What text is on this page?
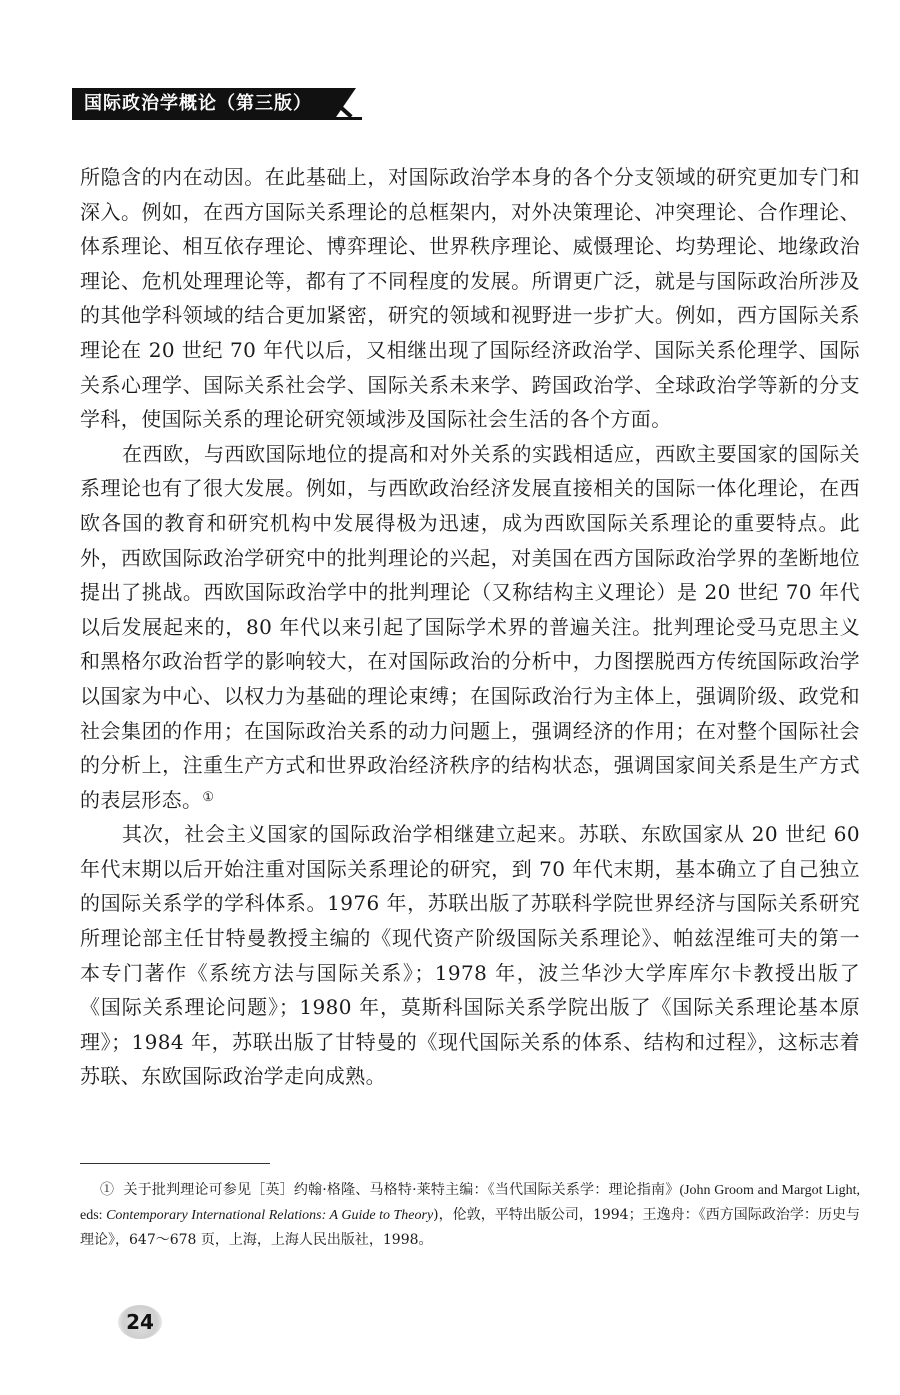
国际政治学概论（第三版）

所隐含的内在动因。在此基础上，对国际政治学本身的各个分支领域的研究更加专门和深入。例如，在西方国际关系理论的总框架内，对外决策理论、冲突理论、合作理论、体系理论、相互依存理论、博弈理论、世界秩序理论、威慑理论、均势理论、地缘政治理论、危机处理理论等，都有了不同程度的发展。所谓更广泛，就是与国际政治所涉及的其他学科领域的结合更加紧密，研究的领域和视野进一步扩大。例如，西方国际关系理论在 20 世纪 70 年代以后，又相继出现了国际经济政治学、国际关系伦理学、国际关系心理学、国际关系社会学、国际关系未来学、跨国政治学、全球政治学等新的分支学科，使国际关系的理论研究领域涉及国际社会生活的各个方面。

在西欧，与西欧国际地位的提高和对外关系的实践相适应，西欧主要国家的国际关系理论也有了很大发展。例如，与西欧政治经济发展直接相关的国际一体化理论，在西欧各国的教育和研究机构中发展得极为迅速，成为西欧国际关系理论的重要特点。此外，西欧国际政治学研究中的批判理论的兴起，对美国在西方国际政治学界的垄断地位提出了挑战。西欧国际政治学中的批判理论（又称结构主义理论）是 20 世纪 70 年代以后发展起来的，80 年代以来引起了国际学术界的普遍关注。批判理论受马克思主义和黑格尔政治哲学的影响较大，在对国际政治的分析中，力图摆脱西方传统国际政治学以国家为中心、以权力为基础的理论束缚；在国际政治行为主体上，强调阶级、政党和社会集团的作用；在国际政治关系的动力问题上，强调经济的作用；在对整个国际社会的分析上，注重生产方式和世界政治经济秩序的结构状态，强调国家间关系是生产方式的表层形态。①

其次，社会主义国家的国际政治学相继建立起来。苏联、东欧国家从 20 世纪 60 年代末期以后开始注重对国际关系理论的研究，到 70 年代末期，基本确立了自己独立的国际关系学的学科体系。1976 年，苏联出版了苏联科学院世界经济与国际关系研究所理论部主任甘特曼教授主编的《现代资产阶级国际关系理论》、帕兹涅维可夫的第一本专门著作《系统方法与国际关系》；1978 年，波兰华沙大学库库尔卡教授出版了《国际关系理论问题》；1980 年，莫斯科国际关系学院出版了《国际关系理论基本原理》；1984 年，苏联出版了甘特曼的《现代国际关系的体系、结构和过程》，这标志着苏联、东欧国际政治学走向成熟。

① 关于批判理论可参见［英］约翰·格隆、马格特·莱特主编：《当代国际关系学：理论指南》(John Groom and Margot Light, eds: Contemporary International Relations: A Guide to Theory)，伦敦，平特出版公司，1994；王逸舟：《西方国际政治学：历史与理论》，647～678 页，上海，上海人民出版社，1998。

24
